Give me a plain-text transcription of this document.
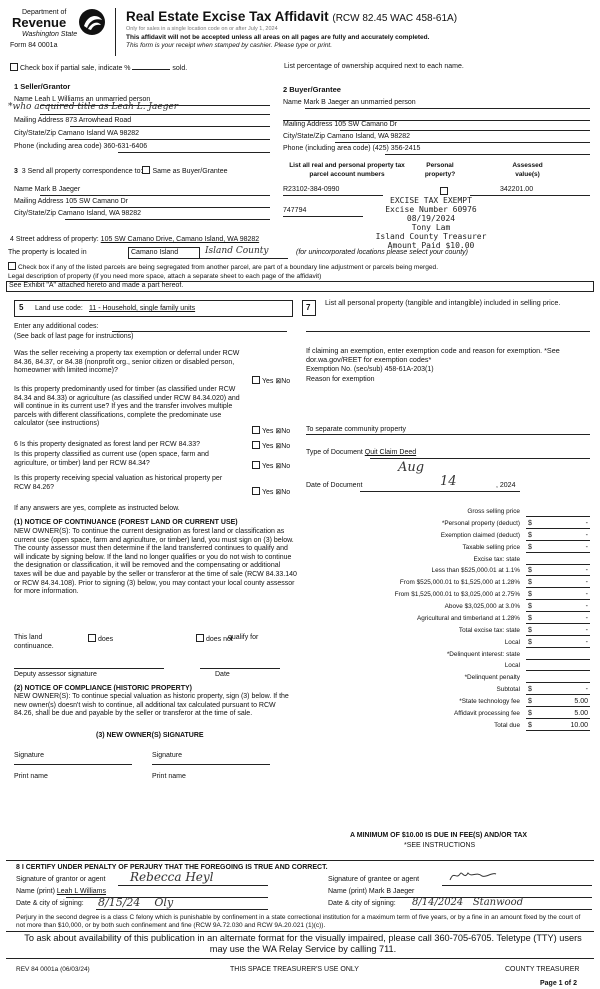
Department of
Revenue
Washington State
Form 84 0001a
Real Estate Excise Tax Affidavit (RCW 82.45 WAC 458-61A)
Only for sales in a single location code on or after July 1, 2024
This affidavit will not be accepted unless all areas on all pages are fully and accurately completed.
This form is your receipt when stamped by cashier. Please type or print.
Check box if partial sale, indicate %	sold.	List percentage of ownership acquired next to each name.
1 Seller/Grantor
Name Leah L Williams an unmarried person
*who acquired title as Leah L. Jaeger
Mailing Address 873 Arrowhead Road
City/State/Zip Camano Island WA 98282
Phone (including area code) 360-631-6406
2 Buyer/Grantee
Name Mark B Jaeger an unmarried person
Mailing Address 105 SW Camano Dr
City/State/Zip Camano Island, WA 98282
Phone (including area code) (425) 356-2415
3 3 Send all property correspondence to: Same as Buyer/Grantee
Name Mark B Jaeger
Mailing Address 105 SW Camano Dr
City/State/Zip Camano Island, WA 98282
List all real and personal property tax parcel account numbers
Personal property?
Assessed value(s)
R23102-384-0990	342201.00
747794
EXCISE TAX EXEMPT
Excise Number 60976
08/19/2024
Tony Lam
Island County Treasurer
Amount Paid $10.00
4 Street address of property: 105 SW Camano Drive, Camano Island, WA 98282
The property is located in	Camano Island	Island County	(for unincorporated locations please select your county)
Check box if any of the listed parcels are being segregated from another parcel, are part of a boundary line adjustment or parcels being merged.
Legal description of property (if you need more space, attach a separate sheet to each page of the affidavit)
See Exhibit "A" attached hereto and made a part hereof.
5 Land use code: 11 - Household, single family units
Enter any additional codes:
(See back of last page for instructions)
Was the seller receiving a property tax exemption or deferral under RCW 84.36, 84.37, or 84.38 (nonprofit org., senior citizen or disabled person, homeowner with limited income)?
Yes ⊠No
Is this property predominantly used for timber (as classified under RCW 84.34 and 84.33) or agriculture (as classified under RCW 84.34.020) and will continue in its current use? If yes and the transfer involves multiple parcels with different classifications, complete the predominate use calculator (see instructions)
Yes ⊠No
6 Is this property designated as forest land per RCW 84.33?	Yes ⊠No
Is this property classified as current use (open space, farm and agriculture, or timber) land per RCW 84.34?	Yes ⊠No
Is this property receiving special valuation as historical property per RCW 84.26?
Yes ⊠No
If any answers are yes, complete as instructed below.
(1) NOTICE OF CONTINUANCE (FOREST LAND OR CURRENT USE)
NEW OWNER(S): To continue the current designation as forest land or classification as current use (open space, farm and agriculture, or timber) land, you must sign on (3) below. The county assessor must then determine if the land transferred continues to qualify and will indicate by signing below. If the land no longer qualifies or you do not wish to continue the designation or classification, it will be removed and the compensating or additional taxes will be due and payable by the seller or transferor at the time of sale (RCW 84.33.140 or RCW 84.34.108). Prior to signing (3) below, you may contact your local county assessor for more information.
This land	does	does not
qualify for continuance.
Deputy assessor signature	Date
(2) NOTICE OF COMPLIANCE (HISTORIC PROPERTY)
NEW OWNER(S): To continue special valuation as historic property, sign (3) below. If the new owner(s) doesn't wish to continue, all additional tax calculated pursuant to RCW 84.26, shall be due and payable by the seller or transferor at the time of sale.
(3) NEW OWNER(S) SIGNATURE
Signature	Signature
Print name	Print name
7
List all personal property (tangible and intangible) included in selling price.
If claiming an exemption, enter exemption code and reason for exemption. *See dor.wa.gov/REET for exemption codes*
Exemption No. (sec/sub) 458-61A-203(1)
Reason for exemption
To separate community property
Type of Document Quit Claim Deed
Aug
Date of Document	14	, 2024
Gross selling price
*Personal property (deduct) $	-
Exemption claimed (deduct) $	-
Taxable selling price $	-
Excise tax: state
Less than $525,000.01 at 1.1% $	-
From $525,000.01 to $1,525,000 at 1.28% $	-
From $1,525,000.01 to $3,025,000 at 2.75% $	-
Above $3,025,000 at 3.0% $	-
Agricultural and timberland at 1.28% $	-
Total excise tax: state $	-
Local $	-
*Delinquent interest: state
Local
*Delinquent penalty
Subtotal $	-
*State technology fee $	5.00
Affidavit processing fee $	5.00
Total due $	10.00
A MINIMUM OF $10.00 IS DUE IN FEE(S) AND/OR TAX
*SEE INSTRUCTIONS
8 I CERTIFY UNDER PENALTY OF PERJURY THAT THE FOREGOING IS TRUE AND CORRECT.
Signature of grantor or agent Rebecca Heyl
Name (print) Leah L Williams
Date & city of signing: 8/15/24 Oly
Signature of grantee or agent
Name (print) Mark B Jaeger
Date & city of signing: 8/14/2024 Stanwood
Perjury in the second degree is a class C felony which is punishable by confinement in a state correctional institution for a maximum term of five years, or by a fine in an amount fixed by the court of not more than $10,000, or by both such confinement and fine (RCW 9A.72.030 and RCW 9A.20.021 (1)(c)).
To ask about availability of this publication in an alternate format for the visually impaired, please call 360-705-6705. Teletype (TTY) users may use the WA Relay Service by calling 711.
REV 84 0001a (06/03/24)	THIS SPACE TREASURER'S USE ONLY	COUNTY TREASURER
Page 1 of 2
